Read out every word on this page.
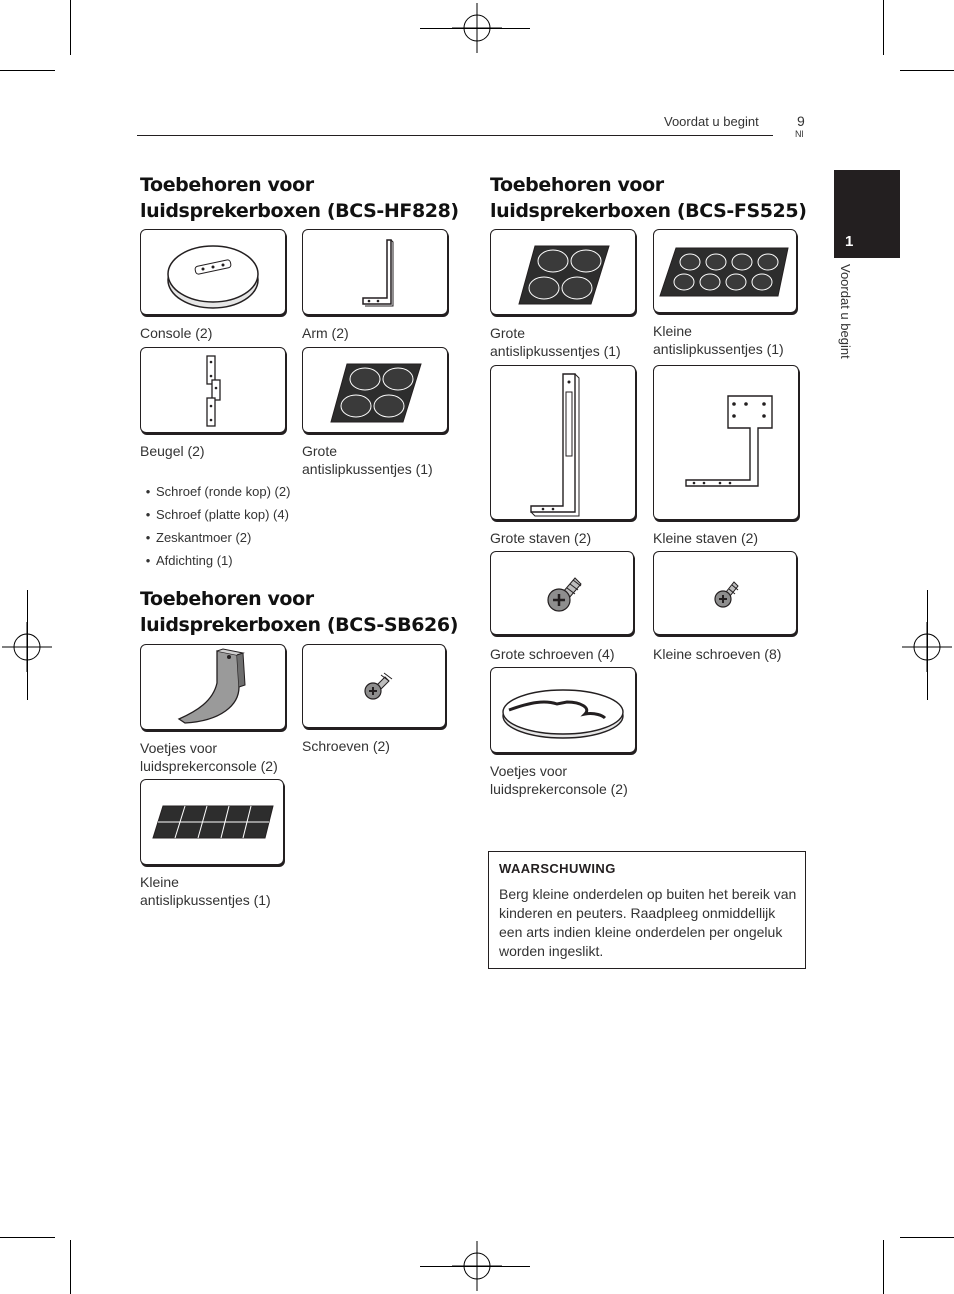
Voordat u begint	9
Nl
1
Voordat u begint
Toebehoren voor
luidsprekerboxen (BCS-HF828)
Console (2)	Arm (2)
Beugel (2)	Grote
antislipkussentjes (1)
• Schroef (ronde kop) (2)
• Schroef (platte kop) (4)
• Zeskantmoer (2)
• Afdichting (1)
Toebehoren voor
luidsprekerboxen (BCS-SB626)
Voetjes voor
luidsprekerconsole (2)
Schroeven (2)
Kleine
antislipkussentjes (1)
Toebehoren voor
luidsprekerboxen (BCS-FS525)
Grote
antislipkussentjes (1)
Kleine
antislipkussentjes (1)
Grote staven (2)	Kleine staven (2)
Grote schroeven (4)	Kleine schroeven (8)
Voetjes voor
luidsprekerconsole (2)
WAARSCHUWING
Berg kleine onderdelen op buiten het bereik van kinderen en peuters. Raadpleeg onmiddellijk een arts indien kleine onderdelen per ongeluk worden ingeslikt.
